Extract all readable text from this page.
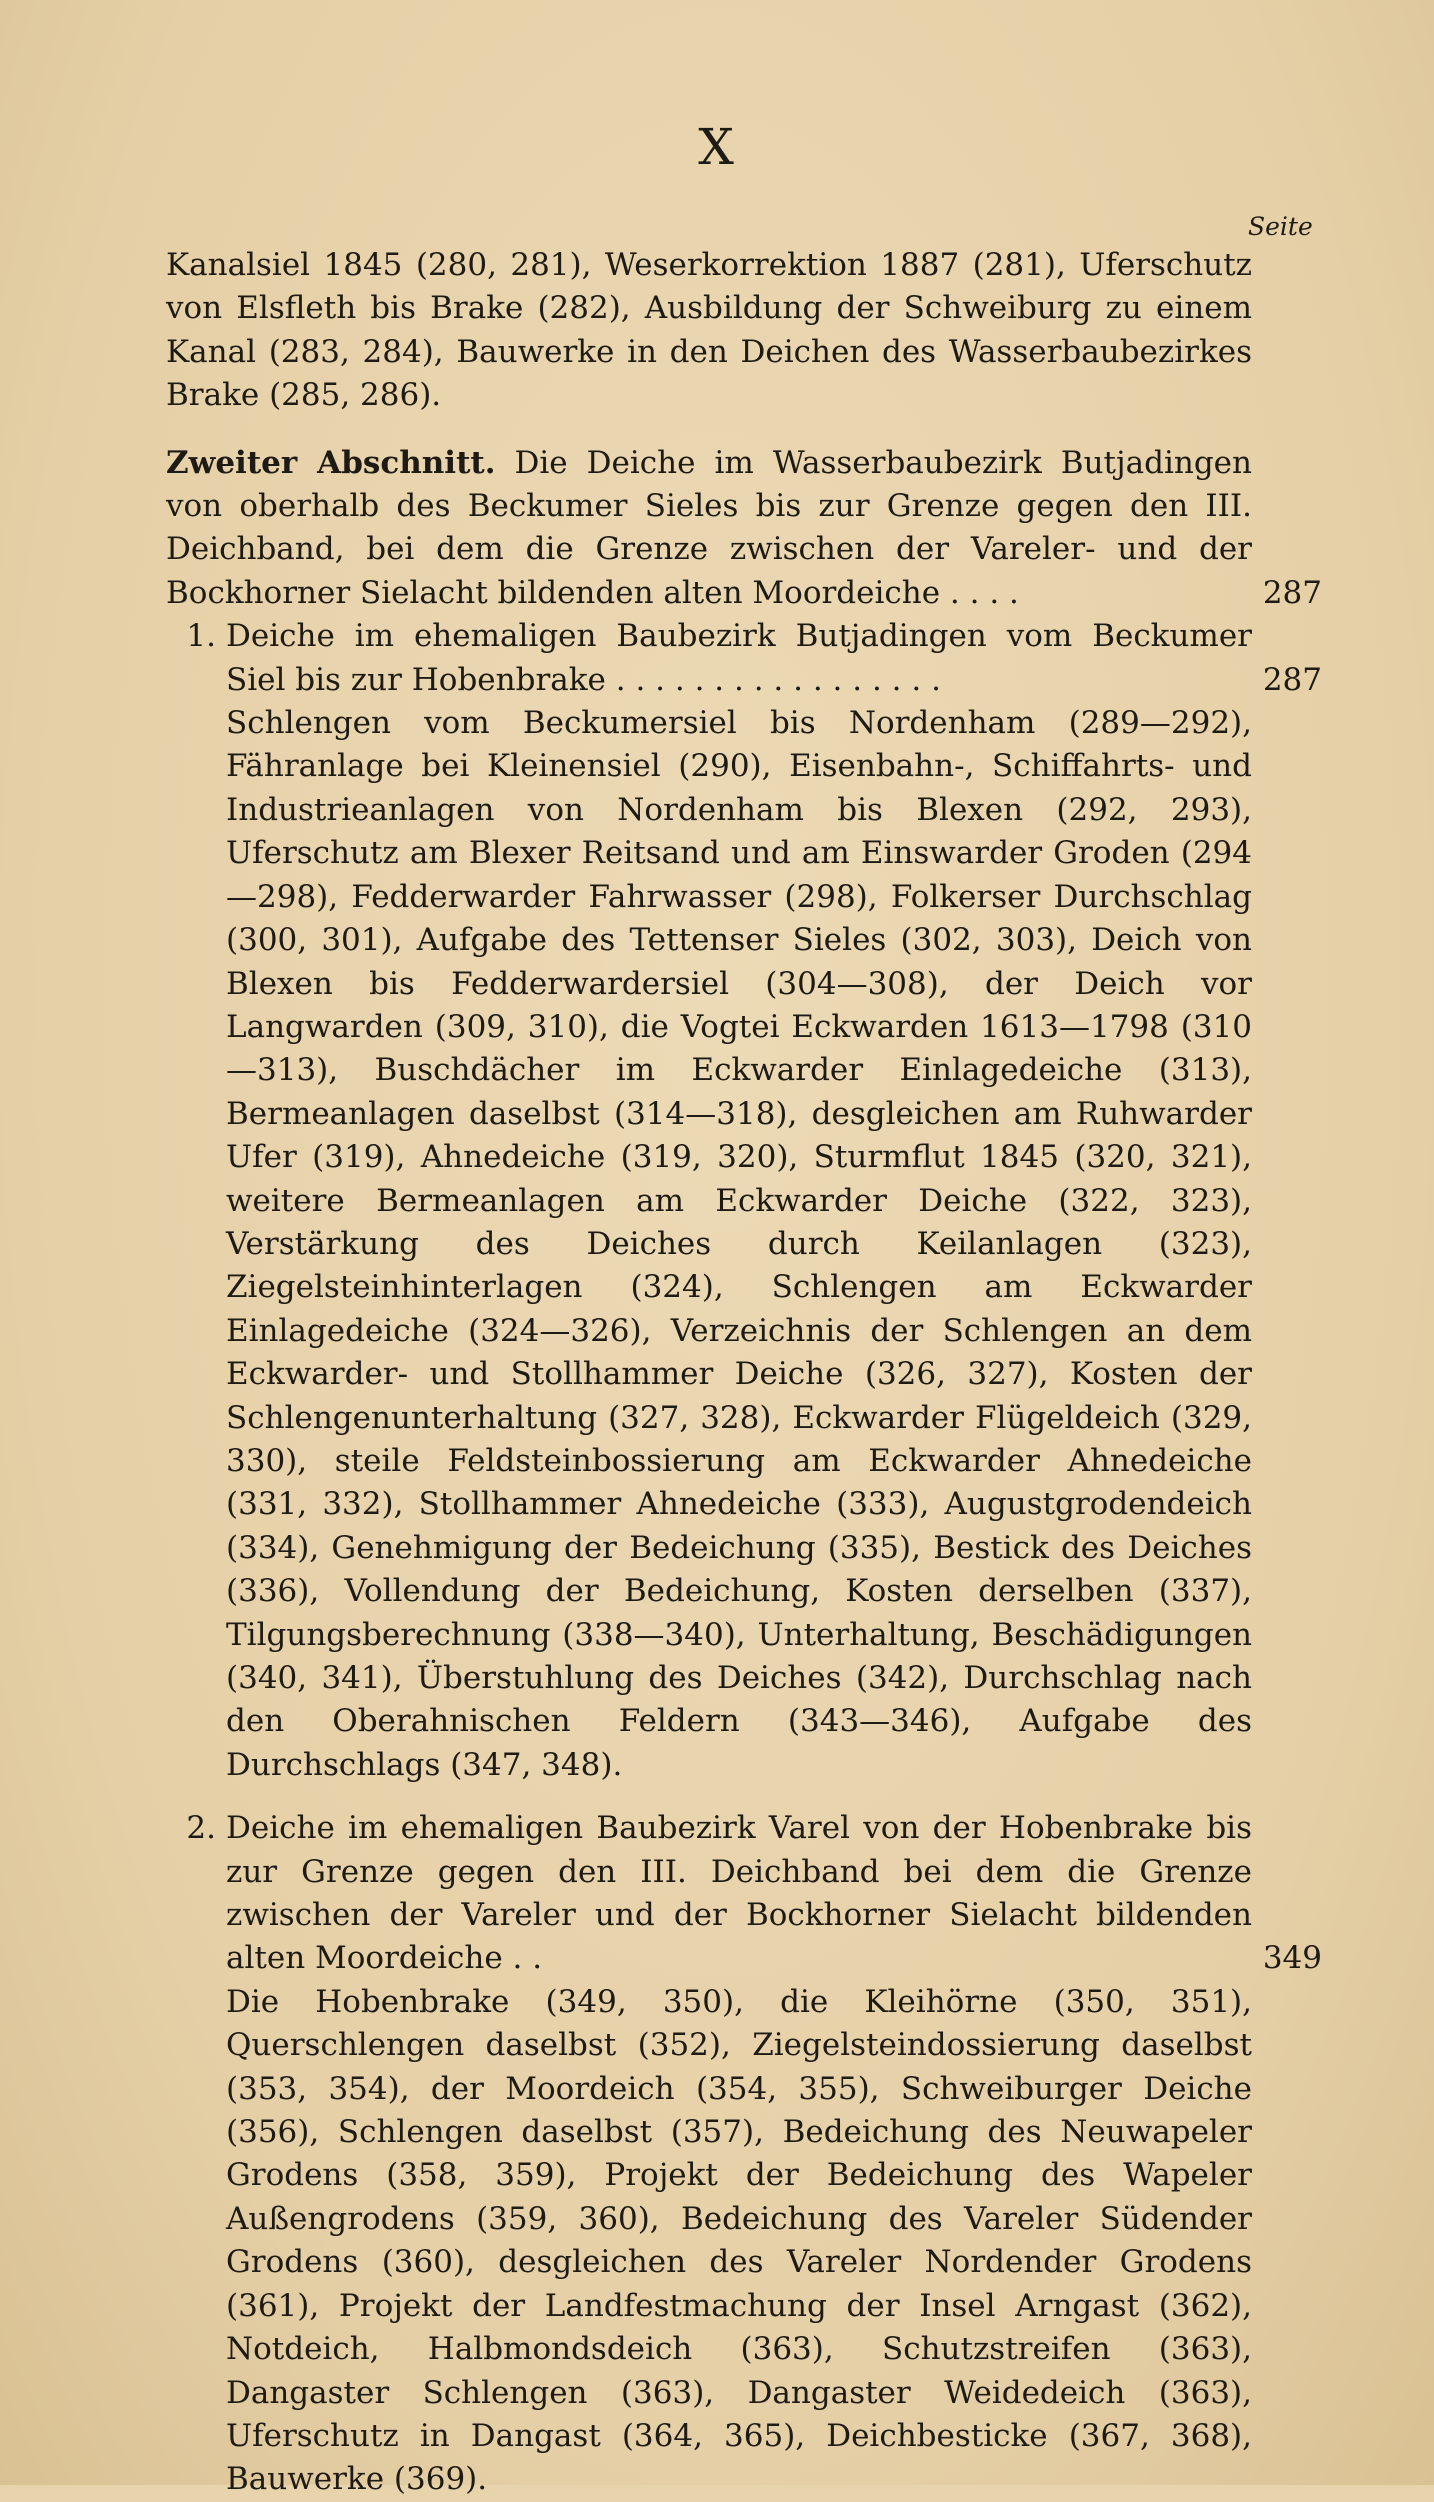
X
Seite
Kanalsiel 1845 (280, 281), Weserkorrektion 1887 (281), Uferschutz von Elsfleth bis Brake (282), Ausbildung der Schweiburg zu einem Kanal (283, 284), Bauwerke in den Deichen des Wasserbaubezirkes Brake (285, 286).
Zweiter Abschnitt. Die Deiche im Wasserbaubezirk Butjadingen von oberhalb des Beckumer Sieles bis zur Grenze gegen den III. Deichband, bei dem die Grenze zwischen der Vareler- und der Bockhorner Sielacht bildenden alten Moordeiche . . . .	287
1. Deiche im ehemaligen Baubezirk Butjadingen vom Beckumer Siel bis zur Hobenbrake . . . . . . . . . . . . . . . . .	287
Schlengen vom Beckumersiel bis Nordenham (289—292), Fähranlage bei Kleinensiel (290), Eisenbahn-, Schiffahrts- und Industrieanlagen von Nordenham bis Blexen (292, 293), Uferschutz am Blexer Reitsand und am Einswarder Groden (294—298), Fedderwarder Fahrwasser (298), Folkerser Durchschlag (300, 301), Aufgabe des Tettenser Sieles (302, 303), Deich von Blexen bis Fedderwardersiel (304—308), der Deich vor Langwarden (309, 310), die Vogtei Eckwarden 1613—1798 (310—313), Buschdächer im Eckwarder Einlagedeiche (313), Bermeanlagen daselbst (314—318), desgleichen am Ruhwarder Ufer (319), Ahnedeiche (319, 320), Sturmflut 1845 (320, 321), weitere Bermeanlagen am Eckwarder Deiche (322, 323), Verstärkung des Deiches durch Keilanlagen (323), Ziegelsteinhinterlagen (324), Schlengen am Eckwarder Einlagedeiche (324—326), Verzeichnis der Schlengen an dem Eckwarder- und Stollhammer Deiche (326, 327), Kosten der Schlengenunterhaltung (327, 328), Eckwarder Flügeldeich (329, 330), steile Feldsteinbossierung am Eckwarder Ahnedeiche (331, 332), Stollhammer Ahnedeiche (333), Augustgrodendeich (334), Genehmigung der Bedeichung (335), Bestick des Deiches (336), Vollendung der Bedeichung, Kosten derselben (337), Tilgungsberechnung (338—340), Unterhaltung, Beschädigungen (340, 341), Überstuhlung des Deiches (342), Durchschlag nach den Oberahnischen Feldern (343—346), Aufgabe des Durchschlags (347, 348).
2. Deiche im ehemaligen Baubezirk Varel von der Hobenbrake bis zur Grenze gegen den III. Deichband bei dem die Grenze zwischen der Vareler und der Bockhorner Sielacht bildenden alten Moordeiche . .	349
Die Hobenbrake (349, 350), die Kleihörne (350, 351), Querschlengen daselbst (352), Ziegelsteindossierung daselbst (353, 354), der Moordeich (354, 355), Schweiburger Deiche (356), Schlengen daselbst (357), Bedeichung des Neuwapeler Grodens (358, 359), Projekt der Bedeichung des Wapeler Außengrodens (359, 360), Bedeichung des Vareler Südender Grodens (360), desgleichen des Vareler Nordender Grodens (361), Projekt der Landfestmachung der Insel Arngast (362), Notdeich, Halbmondsdeich (363), Schutzstreifen (363), Dangaster Schlengen (363), Dangaster Weidedeich (363), Uferschutz in Dangast (364, 365), Deichbesticke (367, 368), Bauwerke (369).
